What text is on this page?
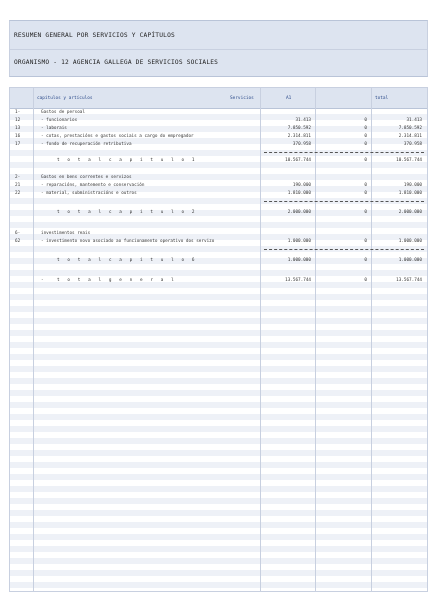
RESUMEN GENERAL POR SERVICIOS Y CAPÍTULOS
ORGANISMO - 12 AGENCIA GALLEGA DE SERVICIOS SOCIALES
capítulos y artículos	Servicios	A1	total
1-	Gastos de persoal
12	- funcionarios	31.413	0	31.413
13	- laborais	7.850.592	0	7.850.592
16	- cotas, prestacións e gastos sociais a cargo do empregador	2.314.811	0	2.314.811
17	- fondo de recuperación retributiva	370.958	0	370.958
t o t a l c a p í t u l o 1	10.567.744	0	10.567.744
2-	Gastos en bens correntes e servizos
21	- reparacións, mantemento e conservación	190.000	0	190.000
22	- material, subministracións e outros	1.810.000	0	1.810.000
t o t a l c a p í t u l o 2	2.000.000	0	2.000.000
6-	investimentos reais
62	- investimento novo asociado ao funcionamento operativo dos servizo	1.000.000	0	1.000.000
t o t a l c a p í t u l o 6	1.000.000	0	1.000.000
-	t o t a l g e n e r a l	13.567.744	0	13.567.744
